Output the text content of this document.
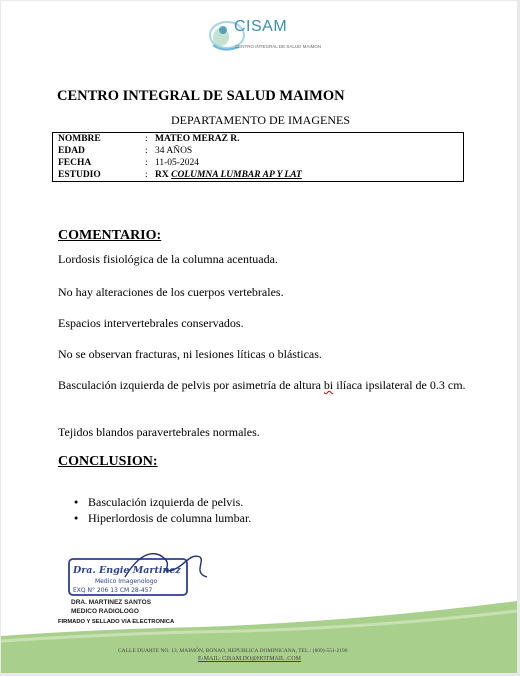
CISAM
CENTRO INTEGRAL DE SALUD MAIMON
CENTRO INTEGRAL DE SALUD MAIMON
DEPARTAMENTO DE IMAGENES
NOMBRE	: MATEO MERAZ R.
EDAD	: 34 AÑOS
FECHA	: 11-05-2024
ESTUDIO	: RX
COLUMNA LUMBAR AP Y LAT
COMENTARIO:
Lordosis fisiológica de la columna acentuada.
No hay alteraciones de los cuerpos vertebrales.
Espacios intervertebrales conservados.
No se observan fracturas, ni lesiones líticas o blásticas.
Basculación izquierda de pelvis por asimetría de altura bi ilíaca ipsilateral de 0.3 cm.
Tejidos blandos paravertebrales normales.
CONCLUSION:
● Basculación izquierda de pelvis.
● Hiperlordosis de columna lumbar.
Dra. Engie Martinez
Medico Imagenologo
EXQ N° 206 13 CM 28-457
DRA. MARTINEZ SANTOS
MEDICO RADIOLOGO
FIRMADO Y SELLADO VIA ELECTRONICA
CALLE DUARTE NO. 13, MAIMÓN, BONAO, REPUBLICA DOMINICANA, TEL.: (809)-551-2196
E-MAIL: CISAM.DO@HOTMAIL .COM
